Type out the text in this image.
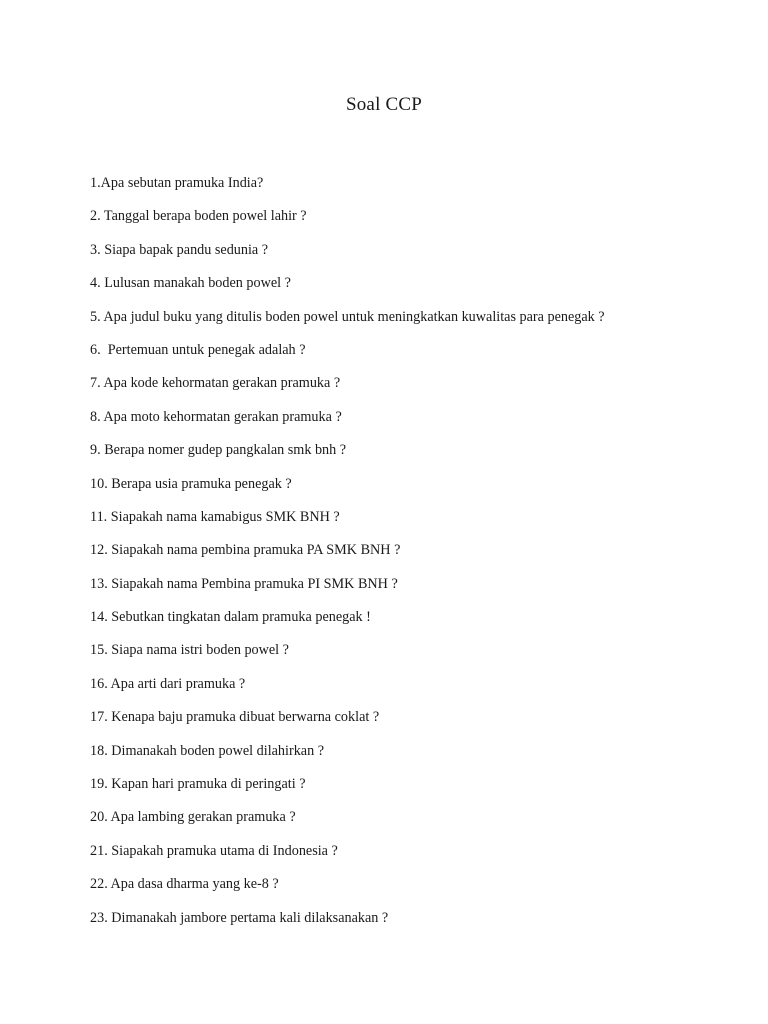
Soal CCP
1.Apa sebutan pramuka India?
2. Tanggal berapa boden powel lahir ?
3. Siapa bapak pandu sedunia ?
4. Lulusan manakah boden powel ?
5. Apa judul buku yang ditulis boden powel untuk meningkatkan kuwalitas para penegak ?
6.  Pertemuan untuk penegak adalah ?
7. Apa kode kehormatan gerakan pramuka ?
8. Apa moto kehormatan gerakan pramuka ?
9. Berapa nomer gudep pangkalan smk bnh ?
10. Berapa usia pramuka penegak ?
11. Siapakah nama kamabigus SMK BNH ?
12. Siapakah nama pembina pramuka PA SMK BNH ?
13. Siapakah nama Pembina pramuka PI SMK BNH ?
14. Sebutkan tingkatan dalam pramuka penegak !
15. Siapa nama istri boden powel ?
16. Apa arti dari pramuka ?
17. Kenapa baju pramuka dibuat berwarna coklat ?
18. Dimanakah boden powel dilahirkan ?
19. Kapan hari pramuka di peringati ?
20. Apa lambing gerakan pramuka ?
21. Siapakah pramuka utama di Indonesia ?
22. Apa dasa dharma yang ke-8 ?
23. Dimanakah jambore pertama kali dilaksanakan ?
